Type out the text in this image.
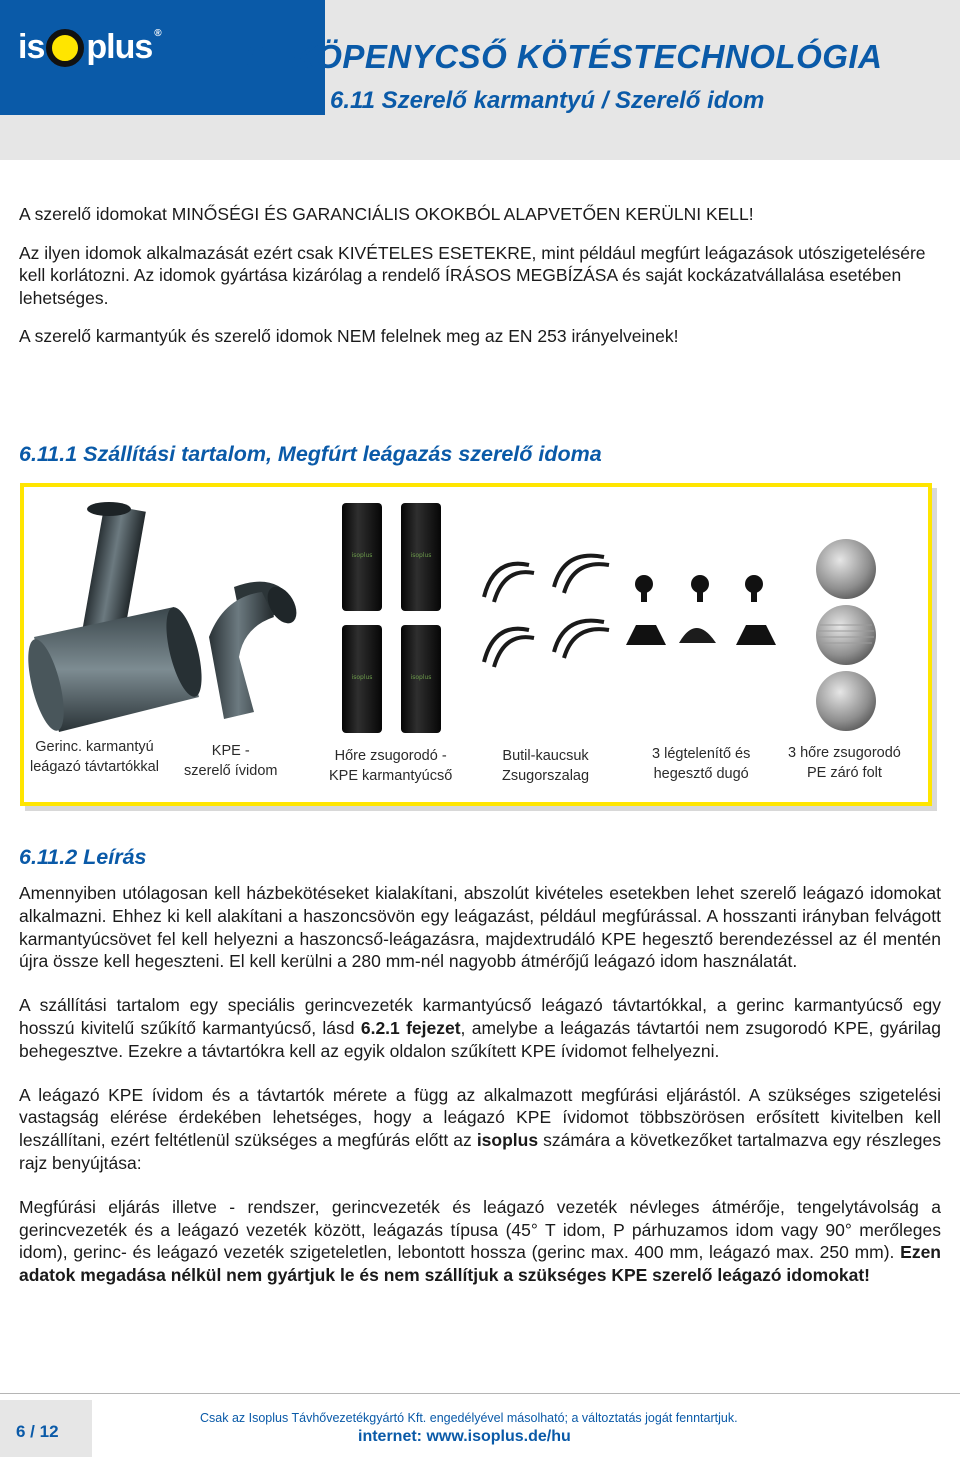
is plus ®
6 KÖPENYCSŐ KÖTÉSTECHNOLÓGIA
6.11 Szerelő karmantyú / Szerelő idom

A szerelő idomokat MINŐSÉGI ÉS GARANCIÁLIS OKOKBÓL ALAPVETŐEN KERÜLNI KELL!

Az ilyen idomok alkalmazását ezért csak KIVÉTELES ESETEKRE, mint például megfúrt leágazások utószigetelésére kell korlátozni. Az idomok gyártása kizárólag a rendelő ÍRÁSOS MEGBÍZÁSA és saját kockázatvállalása esetében lehetséges.

A szerelő karmantyúk és szerelő idomok NEM felelnek meg az EN 253 irányelveinek!

6.11.1 Szállítási tartalom, Megfúrt leágazás szerelő idoma
isoplus	isoplus
isoplus	isoplus
Gerinc. karmantyú
leágazó távtartókkal
KPE -
szerelő ívidom
Hőre zsugorodó -
KPE karmantyúcső
Butil-kaucsuk
Zsugorszalag
3 légtelenítő és
hegesztő dugó
3 hőre zsugorodó
PE záró folt
6.11.2 Leírás

Amennyiben utólagosan kell házbekötéseket kialakítani, abszolút kivételes esetekben lehet szerelő leágazó idomokat alkalmazni. Ehhez ki kell alakítani a haszoncsövön egy leágazást, például megfúrással. A hosszanti irányban felvágott karmantyúcsövet fel kell helyezni a haszoncső-leágazásra, majdextrudáló KPE hegesztő berendezéssel az él mentén újra össze kell hegeszteni. El kell kerülni a 280 mm-nél nagyobb átmérőjű leágazó idom használatát.

A szállítási tartalom egy speciális gerincvezeték karmantyúcső leágazó távtartókkal, a gerinc karmantyúcső egy hosszú kivitelű szűkítő karmantyúcső, lásd 6.2.1 fejezet, amelybe a leágazás távtartói nem zsugorodó KPE, gyárilag behegesztve. Ezekre a távtartókra kell az egyik oldalon szűkített KPE ívidomot felhelyezni.

A leágazó KPE ívidom és a távtartók mérete a függ az alkalmazott megfúrási eljárástól. A szükséges szigetelési vastagság elérése érdekében lehetséges, hogy a leágazó KPE ívidomot többszörösen erősített kivitelben kell leszállítani, ezért feltétlenül szükséges a megfúrás előtt az isoplus számára a következőket tartalmazva egy részleges rajz benyújtása:

Megfúrási eljárás illetve - rendszer, gerincvezeték és leágazó vezeték névleges átmérője, tengelytávolság a gerincvezeték és a leágazó vezeték között, leágazás típusa (45° T idom, P párhuzamos idom vagy 90° merőleges idom), gerinc- és leágazó vezeték szigeteletlen, lebontott hossza (gerinc max. 400 mm, leágazó max. 250 mm). Ezen adatok megadása nélkül nem gyártjuk le és nem szállítjuk a szükséges KPE szerelő leágazó idomokat!

6 / 12
Csak az Isoplus Távhővezetékgyártó Kft. engedélyével másolható; a változtatás jogát fenntartjuk.
internet: www.isoplus.de/hu
